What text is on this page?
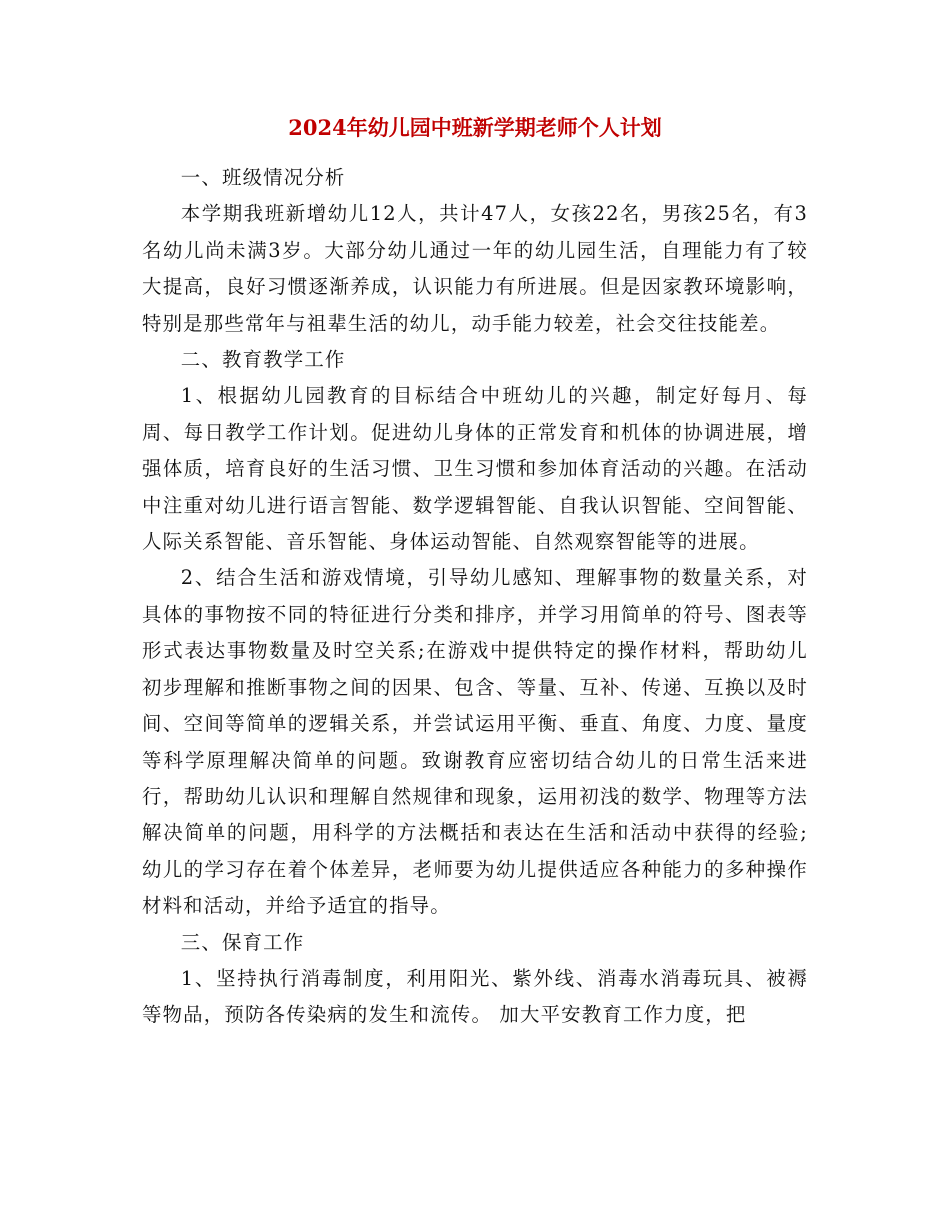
2024年幼儿园中班新学期老师个人计划

一、班级情况分析

本学期我班新增幼儿12人，共计47人，女孩22名，男孩25名，有3名幼儿尚未满3岁。大部分幼儿通过一年的幼儿园生活，自理能力有了较大提高，良好习惯逐渐养成，认识能力有所进展。但是因家教环境影响，特别是那些常年与祖辈生活的幼儿，动手能力较差，社会交往技能差。

二、教育教学工作

1、根据幼儿园教育的目标结合中班幼儿的兴趣，制定好每月、每周、每日教学工作计划。促进幼儿身体的正常发育和机体的协调进展，增强体质，培育良好的生活习惯、卫生习惯和参加体育活动的兴趣。在活动中注重对幼儿进行语言智能、数学逻辑智能、自我认识智能、空间智能、人际关系智能、音乐智能、身体运动智能、自然观察智能等的进展。

2、结合生活和游戏情境，引导幼儿感知、理解事物的数量关系，对具体的事物按不同的特征进行分类和排序，并学习用简单的符号、图表等形式表达事物数量及时空关系;在游戏中提供特定的操作材料，帮助幼儿初步理解和推断事物之间的因果、包含、等量、互补、传递、互换以及时间、空间等简单的逻辑关系，并尝试运用平衡、垂直、角度、力度、量度等科学原理解决简单的问题。致谢教育应密切结合幼儿的日常生活来进行，帮助幼儿认识和理解自然规律和现象，运用初浅的数学、物理等方法解决简单的问题，用科学的方法概括和表达在生活和活动中获得的经验;幼儿的学习存在着个体差异，老师要为幼儿提供适应各种能力的多种操作材料和活动，并给予适宜的指导。

三、保育工作

1、坚持执行消毒制度，利用阳光、紫外线、消毒水消毒玩具、被褥等物品，预防各传染病的发生和流传。 加大平安教育工作力度，把
